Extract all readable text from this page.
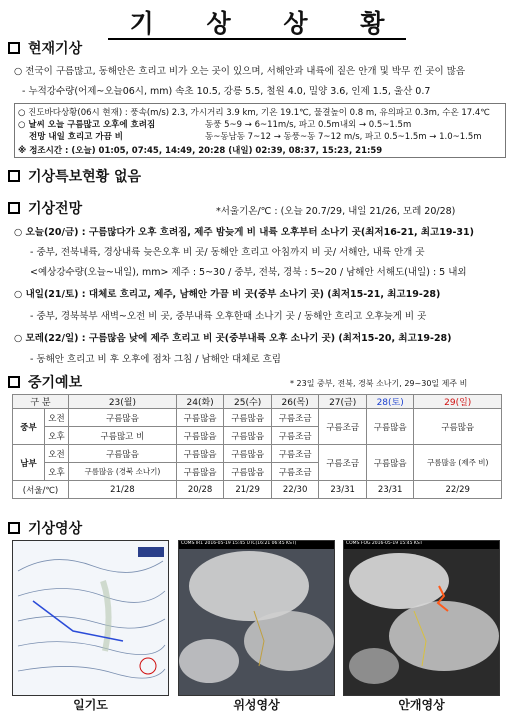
기 상 상 황
현재기상
○ 전국이 구름많고, 동해안은 흐리고 비가 오는 곳이 있으며, 서해안과 내륙에 짙은 안개 및 박무 낀 곳이 많음
- 누적강수량(어제~오늘06시, mm) 속초 10.5, 강릉 5.5, 철원 4.0, 밀양 3.6, 인제 1.5, 울산 0.7
○ 진도바다상황(06시 현재) : 풍속(m/s) 2.3, 가시거리 3.9 km, 기온 19.1℃, 물결높이 0.8 m, 유의파고 0.3m, 수온 17.4℃
○ 날씨 오늘 구름많고 오후에 흐려짐	동풍 5~9 → 6~11m/s, 파고 0.5m내외 → 0.5~1.5m
전망 내일 흐리고 가끔 비	동~동남동 7~12 → 동풍~동 7~12 m/s, 파고 0.5~1.5m → 1.0~1.5m
※ 정조시간 : (오늘) 01:05, 07:45, 14:49, 20:28 (내일) 02:39, 08:37, 15:23, 21:59
기상특보현황 없음
기상전망	*서울기온/℃ : (오늘 20.7/29, 내일 21/26, 모레 20/28)
○ 오늘(20/금) : 구름많다가 오후 흐려짐, 제주 밤늦게 비 내륙 오후부터 소나기 곳(최저16-21, 최고19-31)
- 중부, 전북내륙, 경상내륙 늦은오후 비 곳/ 동해안 흐리고 아침까지 비 곳/ 서해안, 내륙 안개 곳
<예상강수량(오늘~내일), mm> 제주 : 5~30 / 중부, 전북, 경북 : 5~20 / 남해안 서해도(내일) : 5 내외
○ 내일(21/토) : 대체로 흐리고, 제주, 남해안 가끔 비 곳(중부 소나기 곳) (최저15-21, 최고19-28)
- 중부, 경북북부 새벽~오전 비 곳, 중부내륙 오후한때 소나기 곳 / 동해안 흐리고 오후늦게 비 곳
○ 모레(22/일) : 구름많음 낮에 제주 흐리고 비 곳(중부내륙 오후 소나기 곳) (최저15-20, 최고19-28)
- 동해안 흐리고 비 후 오후에 점차 그침 / 남해안 대체로 흐림
중기예보	* 23일 중부, 전북, 경북 소나기, 29~30일 제주 비
구 분		23(월)	24(화)	25(수)	26(목)	27(금)	28(토)	29(일)
중부	오전	구름많음	구름많음	구름많음	구름조금	구름조금	구름많음	구름많음
	오후	구름많고 비	구름많음	구름많음	구름조금			
남부	오전	구름많음	구름많음	구름많음	구름조금	구름조금	구름많음	구름많음 (제주 비)
	오후	구름많음 (경북 소나기)	구름많음	구름많음	구름조금			
(서울/℃)		21/28	20/28	21/29	22/30	23/31	23/31	22/29
기상영상
COMS IR1 2016-05-19 15:45 UTC(16:21 06:45 KST)	COMS FOG 2016-05-19 15:45 KST
일기도	위성영상	안개영상
